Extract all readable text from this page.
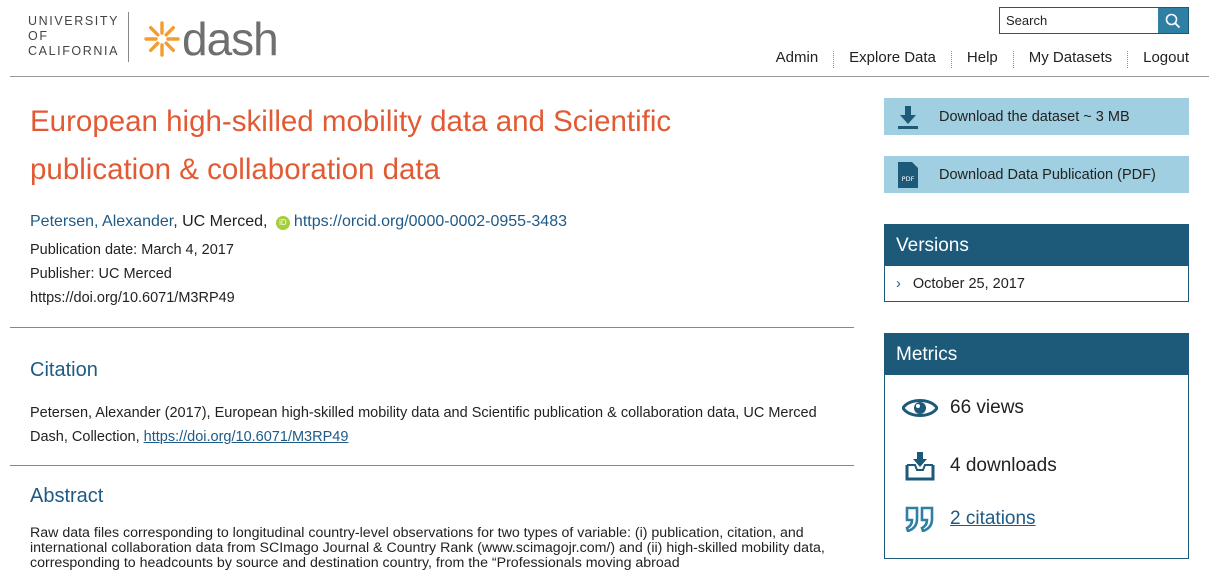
UNIVERSITY
OF
CALIFORNIA dash
Search	Admin	Explore Data	Help	My Datasets	Logout
European high-skilled mobility data and Scientific publication & collaboration data
Petersen, Alexander, UC Merced, iD https://orcid.org/0000-0002-0955-3483
Publication date: March 4, 2017
Publisher: UC Merced
https://doi.org/10.6071/M3RP49
Citation
Petersen, Alexander (2017), European high-skilled mobility data and Scientific publication & collaboration data, UC Merced Dash, Collection, https://doi.org/10.6071/M3RP49
Abstract
Raw data files corresponding to longitudinal country-level observations for two types of variable: (i) publication, citation, and international collaboration data from SCImago Journal & Country Rank (www.scimagojr.com/) and (ii) high-skilled mobility data, corresponding to headcounts by source and destination country, from the “Professionals moving abroad
Download the dataset ~ 3 MB
PDF Download Data Publication (PDF)
Versions
› October 25, 2017
Metrics
66 views
4 downloads
2 citations
